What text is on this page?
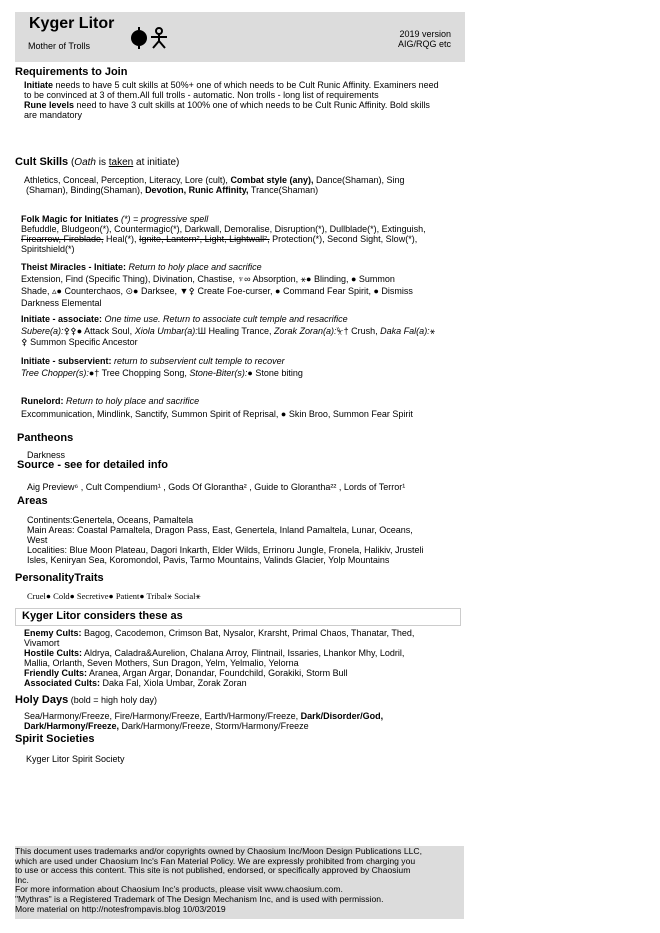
Kyger Litor
Mother of Trolls
2019 version
AIG/RQG etc
Requirements to Join
Initiate needs to have 5 cult skills at 50%+ one of which needs to be Cult Runic Affinity. Examiners need to be convinced at 3 of them.All full trolls - automatic. Non trolls - long list of requirements
Rune levels need to have 3 cult skills at 100% one of which needs to be Cult Runic Affinity. Bold skills are mandatory
Cult Skills (Oath is taken at initiate)
Athletics, Conceal, Perception, Literacy, Lore (cult), Combat style (any), Dance(Shaman), Sing
(Shaman), Binding(Shaman), Devotion, Runic Affinity, Trance(Shaman)
Folk Magic for Initiates (*) = progressive spell
Befuddle, Bludgeon(*), Countermagic(*), Darkwall, Demoralise, Disruption(*), Dullblade(*), Extinguish,
Firearrow, Fireblade, Heal(*), Ignite, Lantern², Light, Lightwall², Protection(*), Second Sight, Slow(*),
Spiritshield(*)
Theist Miracles - Initiate: Return to holy place and sacrifice
Extension, Find (Specific Thing), Divination, Chastise, ♆∞ Absorption, ⚹● Blinding, ● Summon
Shade, ▵● Counterchaos, ⊙● Darksee, ▼⚴ Create Foe-curser, ● Command Fear Spirit, ● Dismiss
Darkness Elemental
Initiate - associate: One time use. Return to associate cult temple and resacrifice
Subere(a):⚴⚴● Attack Soul, Xiola Umbar(a):Ш Healing Trance, Zorak Zoran(a):⏧† Crush, Daka Fal(a):⚹
⚴ Summon Specific Ancestor
Initiate - subservient: return to subservient cult temple to recover
Tree Chopper(s):●† Tree Chopping Song, Stone-Biter(s):● Stone biting
Runelord: Return to holy place and sacrifice
Excommunication, Mindlink, Sanctify, Summon Spirit of Reprisal, ● Skin Broo, Summon Fear Spirit
Pantheons
Darkness
Source - see for detailed info
Aig Preview⁶ , Cult Compendium¹ , Gods Of Glorantha² , Guide to Glorantha²² , Lords of Terror¹
Areas
Continents:Genertela, Oceans, Pamaltela
Main Areas: Coastal Pamaltela, Dragon Pass, East, Genertela, Inland Pamaltela, Lunar, Oceans,
West
Localities: Blue Moon Plateau, Dagori Inkarth, Elder Wilds, Errinoru Jungle, Fronela, Halikiv, Jrusteli
Isles, Keniryan Sea, Koromondol, Pavis, Tarmo Mountains, Valinds Glacier, Yolp Mountains
PersonalityTraits
Cruel● Cold● Secretive● Patient● Tribal⚹ Social⚹
Kyger Litor considers these as
Enemy Cults: Bagog, Cacodemon, Crimson Bat, Nysalor, Krarsht, Primal Chaos, Thanatar, Thed,
Vivamort
Hostile Cults: Aldrya, Caladra&Aurelion, Chalana Arroy, Flintnail, Issaries, Lhankor Mhy, Lodril,
Mallia, Orlanth, Seven Mothers, Sun Dragon, Yelm, Yelmalio, Yelorna
Friendly Cults: Aranea, Argan Argar, Donandar, Foundchild, Gorakiki, Storm Bull
Associated Cults: Daka Fal, Xiola Umbar, Zorak Zoran
Holy Days (bold = high holy day)
Sea/Harmony/Freeze, Fire/Harmony/Freeze, Earth/Harmony/Freeze, Dark/Disorder/God,
Dark/Harmony/Freeze, Dark/Harmony/Freeze, Storm/Harmony/Freeze
Spirit Societies
Kyger Litor Spirit Society
This document uses trademarks and/or copyrights owned by Chaosium Inc/Moon Design Publications LLC,
which are used under Chaosium Inc's Fan Material Policy. We are expressly prohibited from charging you
to use or access this content. This site is not published, endorsed, or specifically approved by Chaosium
Inc.
For more information about Chaosium Inc's products, please visit www.chaosium.com.
"Mythras" is a Registered Trademark of The Design Mechanism Inc, and is used with permission.
More material on http://notesfrompavis.blog 10/03/2019
